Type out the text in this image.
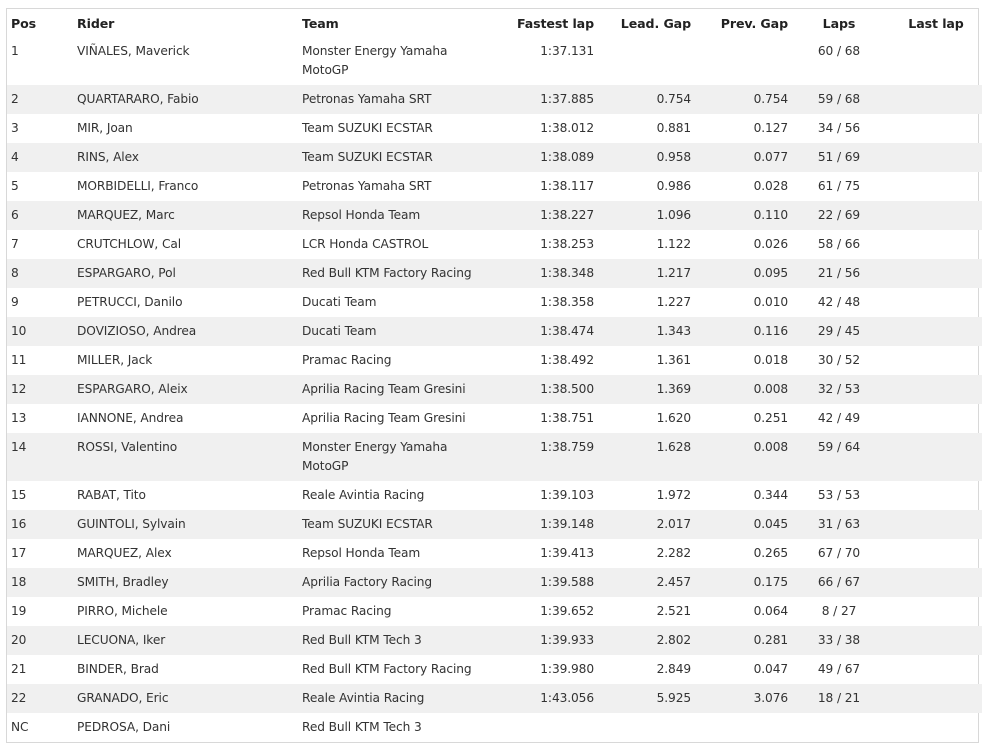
Pos	Rider	Team	Fastest lap	Lead. Gap	Prev. Gap	Laps	Last lap

1	VIÑALES, Maverick	Monster Energy Yamaha MotoGP	1:37.131			60 / 68	

2	QUARTARARO, Fabio	Petronas Yamaha SRT	1:37.885	0.754	0.754	59 / 68	

3	MIR, Joan	Team SUZUKI ECSTAR	1:38.012	0.881	0.127	34 / 56	

4	RINS, Alex	Team SUZUKI ECSTAR	1:38.089	0.958	0.077	51 / 69	

5	MORBIDELLI, Franco	Petronas Yamaha SRT	1:38.117	0.986	0.028	61 / 75	

6	MARQUEZ, Marc	Repsol Honda Team	1:38.227	1.096	0.110	22 / 69	

7	CRUTCHLOW, Cal	LCR Honda CASTROL	1:38.253	1.122	0.026	58 / 66	

8	ESPARGARO, Pol	Red Bull KTM Factory Racing	1:38.348	1.217	0.095	21 / 56	

9	PETRUCCI, Danilo	Ducati Team	1:38.358	1.227	0.010	42 / 48	

10	DOVIZIOSO, Andrea	Ducati Team	1:38.474	1.343	0.116	29 / 45	

11	MILLER, Jack	Pramac Racing	1:38.492	1.361	0.018	30 / 52	

12	ESPARGARO, Aleix	Aprilia Racing Team Gresini	1:38.500	1.369	0.008	32 / 53	

13	IANNONE, Andrea	Aprilia Racing Team Gresini	1:38.751	1.620	0.251	42 / 49	

14	ROSSI, Valentino	Monster Energy Yamaha MotoGP	1:38.759	1.628	0.008	59 / 64	

15	RABAT, Tito	Reale Avintia Racing	1:39.103	1.972	0.344	53 / 53	

16	GUINTOLI, Sylvain	Team SUZUKI ECSTAR	1:39.148	2.017	0.045	31 / 63	

17	MARQUEZ, Alex	Repsol Honda Team	1:39.413	2.282	0.265	67 / 70	

18	SMITH, Bradley	Aprilia Factory Racing	1:39.588	2.457	0.175	66 / 67	

19	PIRRO, Michele	Pramac Racing	1:39.652	2.521	0.064	8 / 27	

20	LECUONA, Iker	Red Bull KTM Tech 3	1:39.933	2.802	0.281	33 / 38	

21	BINDER, Brad	Red Bull KTM Factory Racing	1:39.980	2.849	0.047	49 / 67	

22	GRANADO, Eric	Reale Avintia Racing	1:43.056	5.925	3.076	18 / 21	

NC	PEDROSA, Dani	Red Bull KTM Tech 3					
